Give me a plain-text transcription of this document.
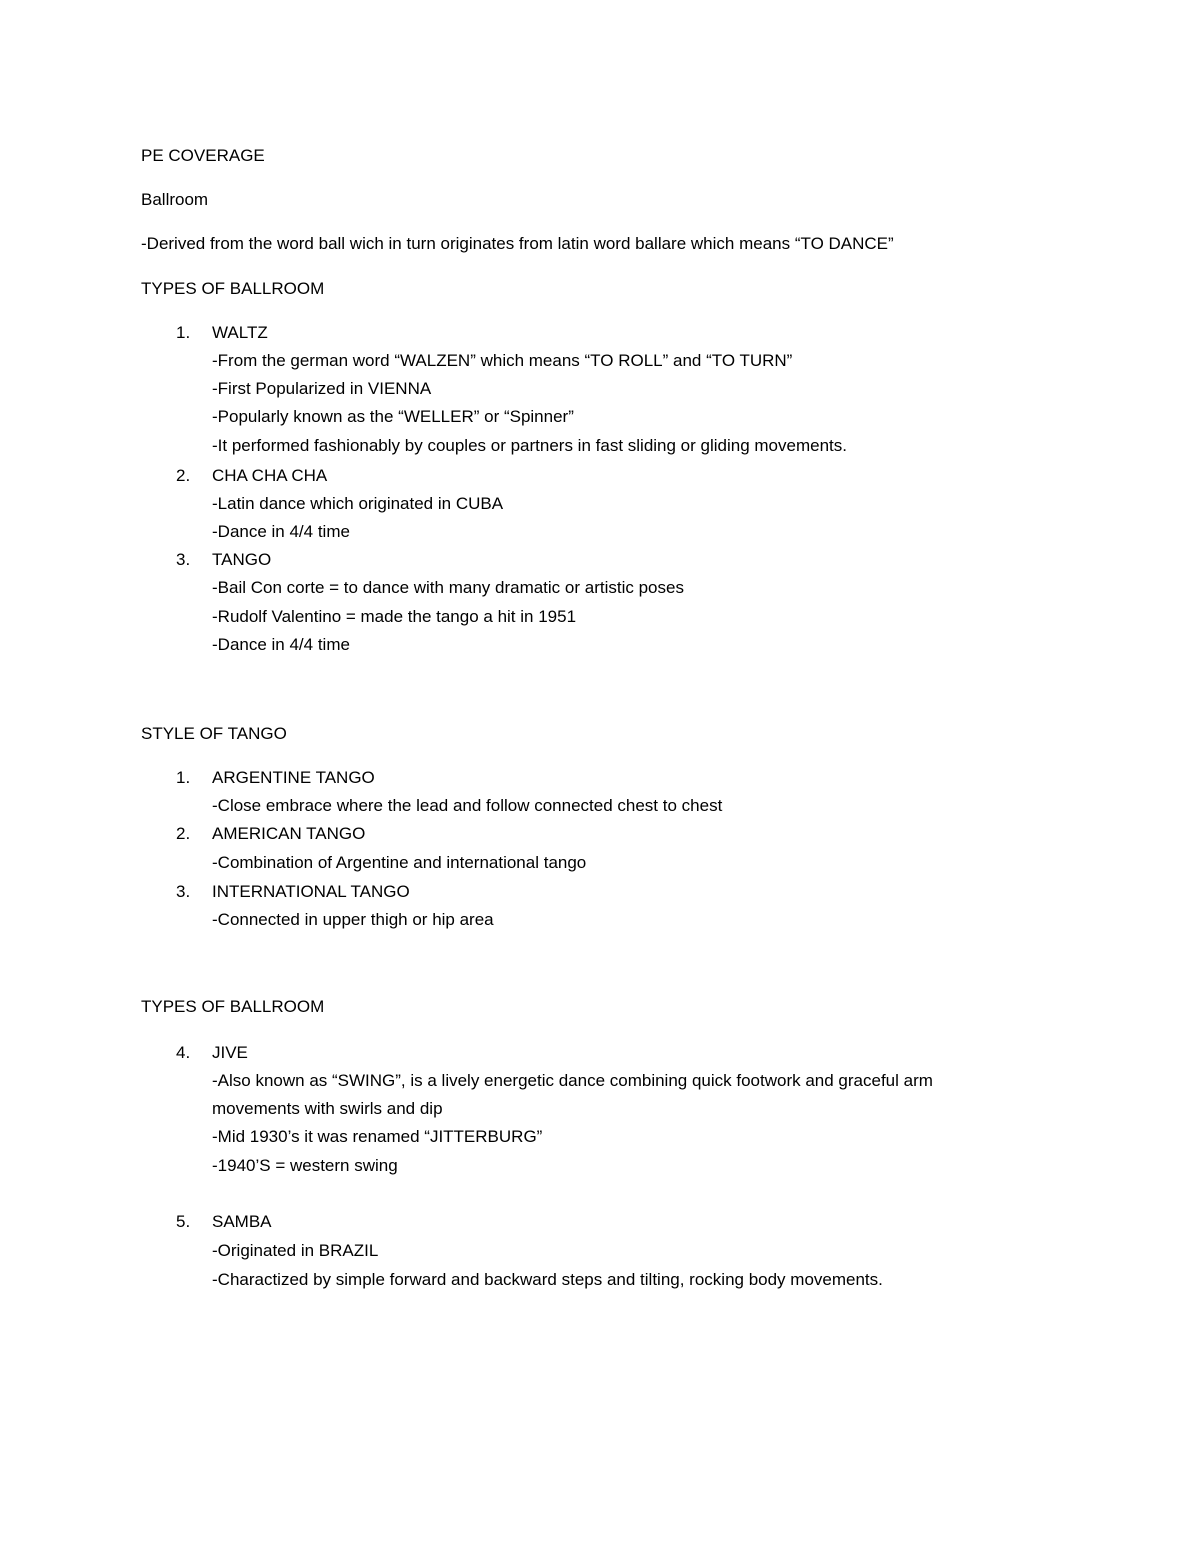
PE COVERAGE
Ballroom
-Derived from the word ball wich in turn originates from latin word ballare which means “TO DANCE”
TYPES OF BALLROOM
1. WALTZ
-From the german word “WALZEN” which means “TO ROLL” and “TO TURN”
-First Popularized in VIENNA
-Popularly known as the “WELLER” or “Spinner”
-It performed fashionably by couples or partners in fast sliding or gliding movements.
2. CHA CHA CHA
-Latin dance which originated in CUBA
-Dance in 4/4 time
3. TANGO
-Bail Con corte = to dance with many dramatic or artistic poses
-Rudolf Valentino = made the tango a hit in 1951
-Dance in 4/4 time
STYLE OF TANGO
1. ARGENTINE TANGO
-Close embrace where the lead and follow connected chest to chest
2. AMERICAN TANGO
-Combination of Argentine and international tango
3. INTERNATIONAL TANGO
-Connected in upper thigh or hip area
TYPES OF BALLROOM
4. JIVE
-Also known as “SWING”, is a lively energetic dance combining quick footwork and graceful arm
movements with swirls and dip
-Mid 1930’s it was renamed “JITTERBURG”
-1940’S = western swing
5. SAMBA
-Originated in BRAZIL
-Charactized by simple forward and backward steps and tilting, rocking body movements.
